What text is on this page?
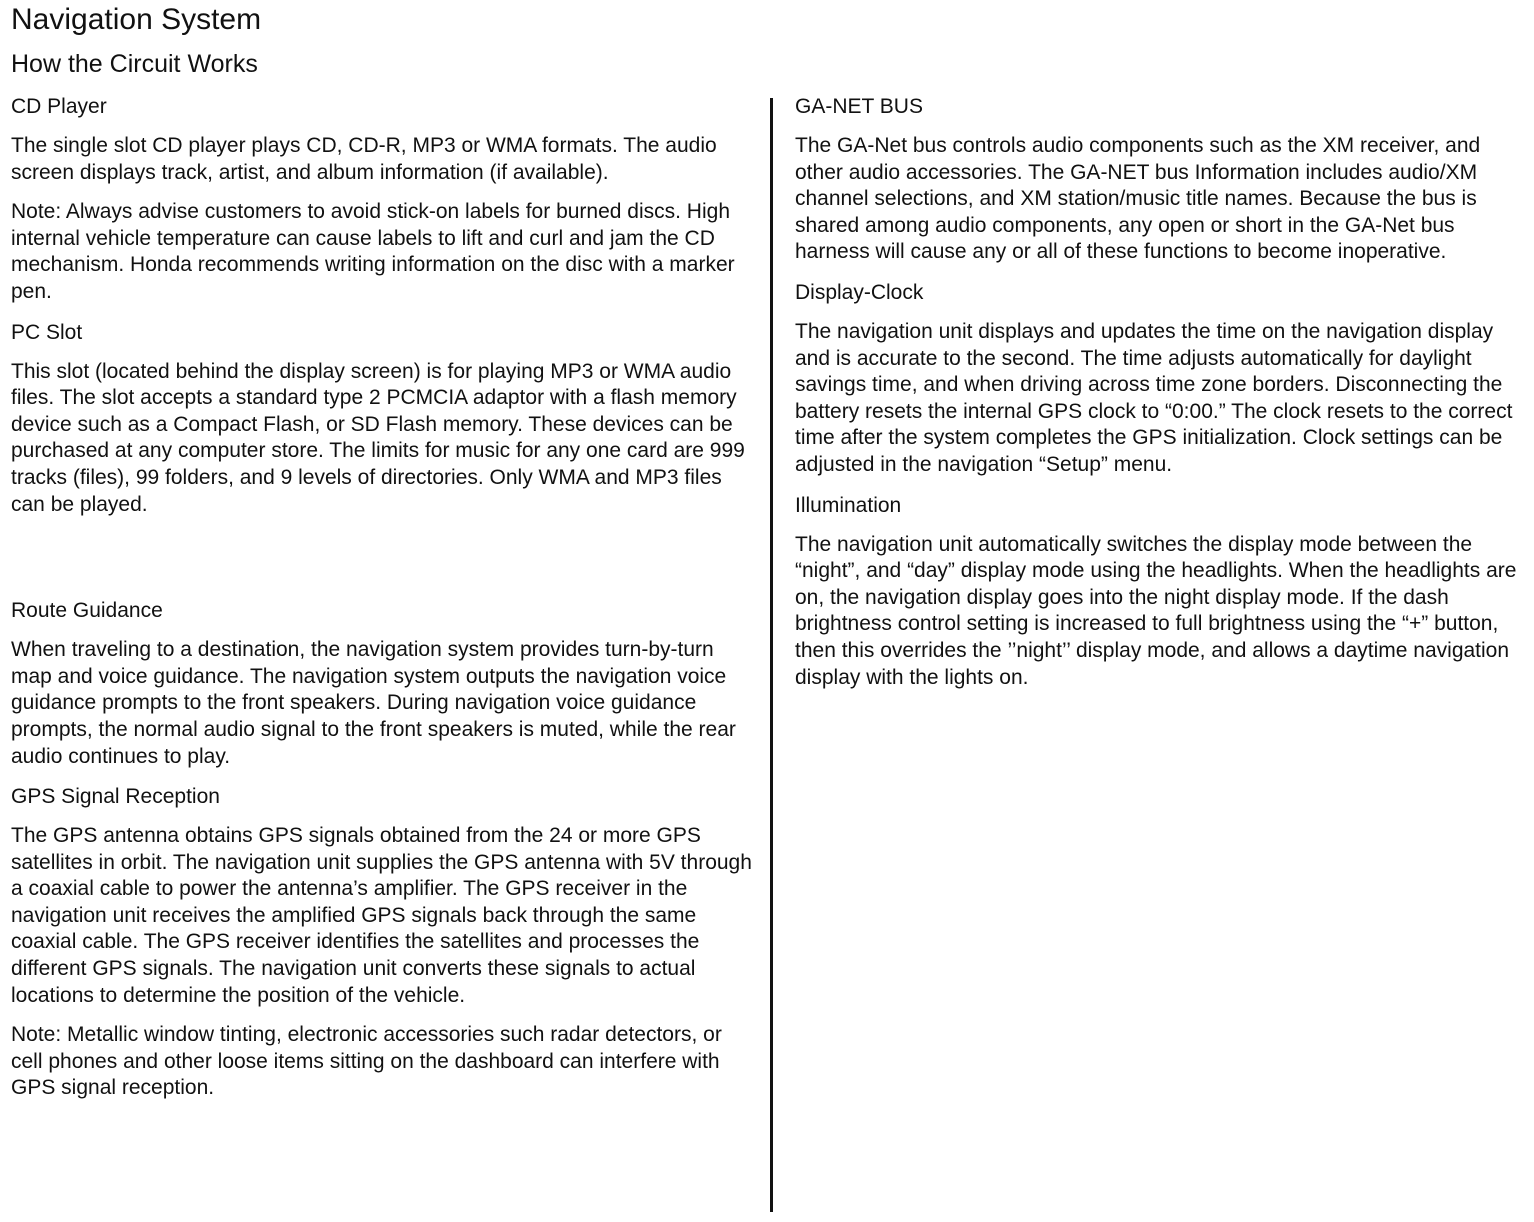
Navigation System
How the Circuit Works
CD Player

The single slot CD player plays CD, CD-R, MP3 or WMA formats. The audio screen displays track, artist, and album information (if available).

Note: Always advise customers to avoid stick-on labels for burned discs. High internal vehicle temperature can cause labels to lift and curl and jam the CD mechanism. Honda recommends writing information on the disc with a marker pen.

PC Slot

This slot (located behind the display screen) is for playing MP3 or WMA audio files. The slot accepts a standard type 2 PCMCIA adaptor with a flash memory device such as a Compact Flash, or SD Flash memory. These devices can be purchased at any computer store. The limits for music for any one card are 999 tracks (files), 99 folders, and 9 levels of directories. Only WMA and MP3 files can be played.

Route Guidance

When traveling to a destination, the navigation system provides turn-by-turn map and voice guidance. The navigation system outputs the navigation voice guidance prompts to the front speakers. During navigation voice guidance prompts, the normal audio signal to the front speakers is muted, while the rear audio continues to play.

GPS Signal Reception

The GPS antenna obtains GPS signals obtained from the 24 or more GPS satellites in orbit. The navigation unit supplies the GPS antenna with 5V through a coaxial cable to power the antenna’s amplifier. The GPS receiver in the navigation unit receives the amplified GPS signals back through the same coaxial cable. The GPS receiver identifies the satellites and processes the different GPS signals. The navigation unit converts these signals to actual locations to determine the position of the vehicle.

Note: Metallic window tinting, electronic accessories such radar detectors, or cell phones and other loose items sitting on the dashboard can interfere with GPS signal reception.

GA-NET BUS

The GA-Net bus controls audio components such as the XM receiver, and other audio accessories. The GA-NET bus Information includes audio/XM channel selections, and XM station/music title names. Because the bus is shared among audio components, any open or short in the GA-Net bus harness will cause any or all of these functions to become inoperative.

Display-Clock

The navigation unit displays and updates the time on the navigation display and is accurate to the second. The time adjusts automatically for daylight savings time, and when driving across time zone borders. Disconnecting the battery resets the internal GPS clock to “0:00.” The clock resets to the correct time after the system completes the GPS initialization. Clock settings can be adjusted in the navigation “Setup” menu.

Illumination

The navigation unit automatically switches the display mode between the “night”, and “day” display mode using the headlights. When the headlights are on, the navigation display goes into the night display mode. If the dash brightness control setting is increased to full brightness using the “+” button, then this overrides the ’’night’’ display mode, and allows a daytime navigation display with the lights on.
